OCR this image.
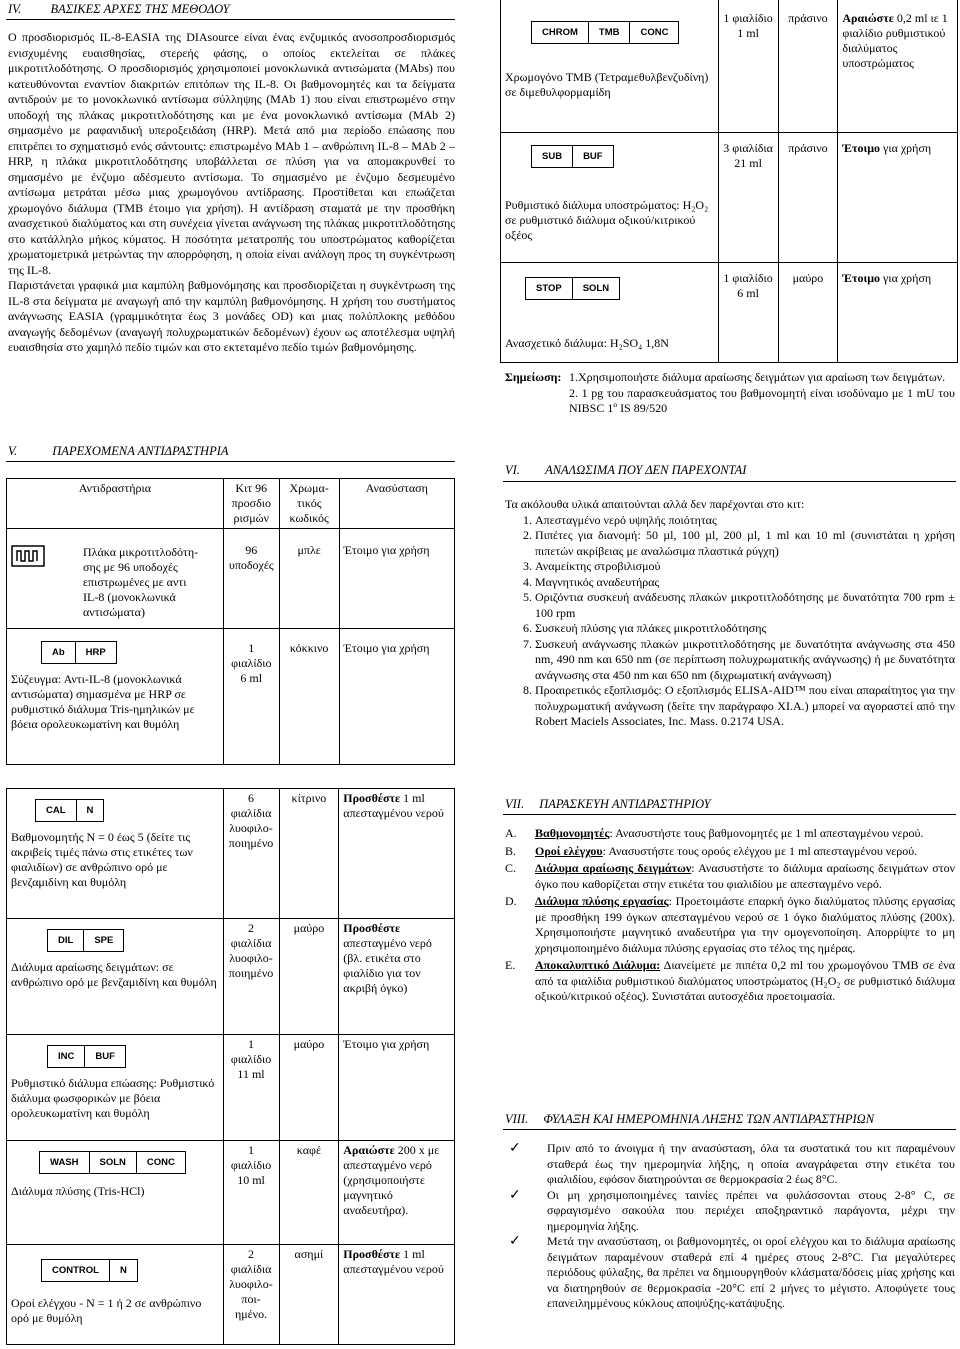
IV. ΒΑΣΙΚΕΣ ΑΡΧΕΣ ΤΗΣ ΜΕΘΟΔΟΥ

Ο προσδιορισμός IL-8-EASIA της DIAsource είναι ένας ενζυμικός ανοσοπροσδιορισμός ενισχυμένης ευαισθησίας, στερεής φάσης, ο οποίος εκτελείται σε πλάκες μικροτιτλοδότησης. Ο προσδιορισμός χρησιμοποιεί μονοκλωνικά αντισώματα (MAbs) που κατευθύνονται εναντίον διακριτών επιτόπων της IL-8. Οι βαθμονομητές και τα δείγματα αντιδρούν με το μονοκλωνικό αντίσωμα σύλληψης (MAb 1) που είναι επιστρωμένο στην υποδοχή της πλάκας μικροτιτλοδότησης και με ένα μονοκλωνικό αντίσωμα (MAb 2) σημασμένο με ραφανιδική υπεροξειδάση (HRP). Μετά από μια περίοδο επώασης που επιτρέπει το σχηματισμό ενός σάντουιτς: επιστρωμένο MAb 1 – ανθρώπινη IL-8 – MAb 2 – HRP, η πλάκα μικροτιτλοδότησης υποβάλλεται σε πλύση για να απομακρυνθεί το σημασμένο με ένζυμο αδέσμευτο αντίσωμα. Το σημασμένο με ένζυμο δεσμευμένο αντίσωμα μετράται μέσω μιας χρωμογόνου αντίδρασης. Προστίθεται και επωάζεται χρωμογόνο διάλυμα (TMB έτοιμο για χρήση). Η αντίδραση σταματά με την προσθήκη ανασχετικού διαλύματος και στη συνέχεια γίνεται ανάγνωση της πλάκας μικροτιτλοδότησης στο κατάλληλο μήκος κύματος. Η ποσότητα μετατροπής του υποστρώματος καθορίζεται χρωματομετρικά μετρώντας την απορρόφηση, η οποία είναι ανάλογη προς τη συγκέντρωση της IL-8.

Παριστάνεται γραφικά μια καμπύλη βαθμονόμησης και προσδιορίζεται η συγκέντρωση της IL-8 στα δείγματα με αναγωγή από την καμπύλη βαθμονόμησης. Η χρήση του συστήματος ανάγνωσης EASIA (γραμμικότητα έως 3 μονάδες OD) και μιας πολύπλοκης μεθόδου αναγωγής δεδομένων (αναγωγή πολυχρωματικών δεδομένων) έχουν ως αποτέλεσμα υψηλή ευαισθησία στο χαμηλό πεδίο τιμών και στο εκτεταμένο πεδίο τιμών βαθμονόμησης.

V.	ΠΑΡΕΧΟΜΕΝΑ ΑΝΤΙΔΡΑΣΤΗΡΙΑ
Αντιδραστήρια	Κιτ 96 προσδιο ρισμών	Χρωμα- τικός κωδικός	Ανασύσταση

Πλάκα μικροτιτλοδότη- σης με 96 υποδοχές επιστρωμένες με αντι IL-8 (μονοκλωνικά αντισώματα)	96 υποδοχές	μπλε	Έτοιμο για χρήση

Ab HRP
Σύζευγμα: Αντι-IL-8 (μονοκλωνικά αντισώματα) σημασμένα με HRP σε ρυθμιστικό διάλυμα Tris-ημηλικών με βόεια ορολευκωματίνη και θυμόλη	1 φιαλίδιο 6 ml	κόκκινο	Έτοιμο για χρήση
CAL N
Βαθμονομητής N = 0 έως 5 (δείτε τις ακριβείς τιμές πάνω στις ετικέτες των φιαλιδίων) σε ανθρώπινο ορό με βενζαμιδίνη και θυμόλη	6 φιαλίδια λυοφιλο- ποιημένο	κίτρινο	Προσθέστε 1 ml απεσταγμένου νερού

DIL SPE
Διάλυμα αραίωσης δειγμάτων: σε ανθρώπινο ορό με βενζαμιδίνη και θυμόλη	2 φιαλίδια λυοφιλο- ποιημένο	μαύρο	Προσθέστε απεσταγμένο νερό (βλ. ετικέτα στο φιαλίδιο για τον ακριβή όγκο)

INC BUF
Ρυθμιστικό διάλυμα επώασης: Ρυθμιστικό διάλυμα φωσφορικών με βόεια ορολευκωματίνη και θυμόλη	1 φιαλίδιο 11 ml	μαύρο	Έτοιμο για χρήση

WASH SOLN CONC
Διάλυμα πλύσης (Tris-HCl)	1 φιαλίδιο 10 ml	καφέ	Αραιώστε 200 x με απεσταγμένο νερό (χρησιμοποιήστε μαγνητικό αναδευτήρα).

CONTROL N
Οροί ελέγχου - N = 1 ή 2 σε ανθρώπινο ορό με θυμόλη	2 φιαλίδια λυοφιλο- ποι- ημένο.	ασημί	Προσθέστε 1 ml απεσταγμένου νερού
CHROM TMB CONC
Χρωμογόνο TMB (Τετραμεθυλβενζυδίνη) σε διμεθυλφορμαμίδη	1 φιαλίδιο 1 ml	πράσινο	Αραιώστε 0,2 ml ιε 1 φιαλίδιο ρυθμιστικού διαλύματος υποστρώματος

SUB BUF
Ρυθμιστικό διάλυμα υποστρώματος: H₂O₂ σε ρυθμιστικό διάλυμα οξικού/κιτρικού οξέος	3 φιαλίδια 21 ml	πράσινο	Έτοιμο για χρήση

STOP SOLN
Ανασχετικό διάλυμα: H₂SO₄ 1,8N	1 φιαλίδιο 6 ml	μαύρο	Έτοιμο για χρήση
Σημείωση: 1.Χρησιμοποιήστε διάλυμα αραίωσης δειγμάτων για αραίωση των δειγμάτων.
2. 1 pg του παρασκευάσματος του βαθμονομητή είναι ισοδύναμο με 1 mU του NIBSC 1º IS 89/520
VI. ΑΝΑΛΩΣΙΜΑ ΠΟΥ ΔΕΝ ΠΑΡΕΧΟΝΤΑΙ
Τα ακόλουθα υλικά απαιτούνται αλλά δεν παρέχονται στο κιτ:
1. Απεσταγμένο νερό υψηλής ποιότητας
2. Πιπέτες για διανομή: 50 µl, 100 µl, 200 µl, 1 ml και 10 ml (συνιστάται η χρήση πιπετών ακρίβειας με αναλώσιμα πλαστικά ρύγχη)
3. Αναμείκτης στροβιλισμού
4. Μαγνητικός αναδευτήρας
5. Οριζόντια συσκευή ανάδευσης πλακών μικροτιτλοδότησης με δυνατότητα 700 rpm ± 100 rpm
6. Συσκευή πλύσης για πλάκες μικροτιτλοδότησης
7. Συσκευή ανάγνωσης πλακών μικροτιτλοδότησης με δυνατότητα ανάγνωσης στα 450 nm, 490 nm και 650 nm (σε περίπτωση πολυχρωματικής ανάγνωσης) ή με δυνατότητα ανάγνωσης στα 450 nm και 650 nm (διχρωματική ανάγνωση)
8. Προαιρετικός εξοπλισμός: Ο εξοπλισμός ELISA-AID™ που είναι απαραίτητος για την πολυχρωματική ανάγνωση (δείτε την παράγραφο XI.A.) μπορεί να αγοραστεί από την Robert Maciels Associates, Inc. Mass. 0.2174 USA.
VII. ΠΑΡΑΣΚΕΥΗ ΑΝΤΙΔΡΑΣΤΗΡΙΟΥ
A.	Βαθμονομητές: Ανασυστήστε τους βαθμονομητές με 1 ml απεσταγμένου νερού.
B.	Οροί ελέγχου: Ανασυστήστε τους ορούς ελέγχου με 1 ml απεσταγμένου νερού.
C.	Διάλυμα αραίωσης δειγμάτων: Ανασυστήστε το διάλυμα αραίωσης δειγμάτων στον όγκο που καθορίζεται στην ετικέτα του φιαλιδίου με απεσταγμένο νερό.
D.	Διάλυμα πλύσης εργασίας: Προετοιμάστε επαρκή όγκο διαλύματος πλύσης εργασίας με προσθήκη 199 όγκων απεσταγμένου νερού σε 1 όγκο διαλύματος πλύσης (200x). Χρησιμοποιήστε μαγνητικό αναδευτήρα για την ομογενοποίηση. Απορρίψτε το μη χρησιμοποιημένο διάλυμα πλύσης εργασίας στο τέλος της ημέρας.
E.	Αποκαλυπτικό Διάλυμα: Διανείμετε με πιπέτα 0,2 ml του χρωμογόνου TMB σε ένα από τα φιαλίδια ρυθμιστικού διαλύματος υποστρώματος (H₂O₂ σε ρυθμιστικό διάλυμα οξικού/κιτρικού οξέος). Συνιστάται αυτοσχέδια προετοιμασία.
VIII. ΦΥΛΑΞΗ ΚΑΙ ΗΜΕΡΟΜΗΝΙΑ ΛΗΞΗΣ ΤΩΝ ΑΝΤΙΔΡΑΣΤΗΡΙΩΝ
✓ Πριν από το άνοιγμα ή την ανασύσταση, όλα τα συστατικά του κιτ παραμένουν σταθερά έως την ημερομηνία λήξης, η οποία αναγράφεται στην ετικέτα του φιαλιδίου, εφόσον διατηρούνται σε θερμοκρασία 2 έως 8°C.
✓ Οι μη χρησιμοποιημένες ταινίες πρέπει να φυλάσσονται στους 2-8° C, σε σφραγισμένο σακούλα που περιέχει αποξηραντικό παράγοντα, μέχρι την ημερομηνία λήξης.
✓ Μετά την ανασύσταση, οι βαθμονομητές, οι οροί ελέγχου και το διάλυμα αραίωσης δειγμάτων παραμένουν σταθερά επί 4 ημέρες στους 2-8°C. Για μεγαλύτερες περιόδους φύλαξης, θα πρέπει να δημιουργηθούν κλάσματα/δόσεις μίας χρήσης και να διατηρηθούν σε θερμοκρασία -20°C επί 2 μήνες το μέγιστο. Αποφύγετε τους επανειλημμένους κύκλους αποψύξης-κατάψυξης.
